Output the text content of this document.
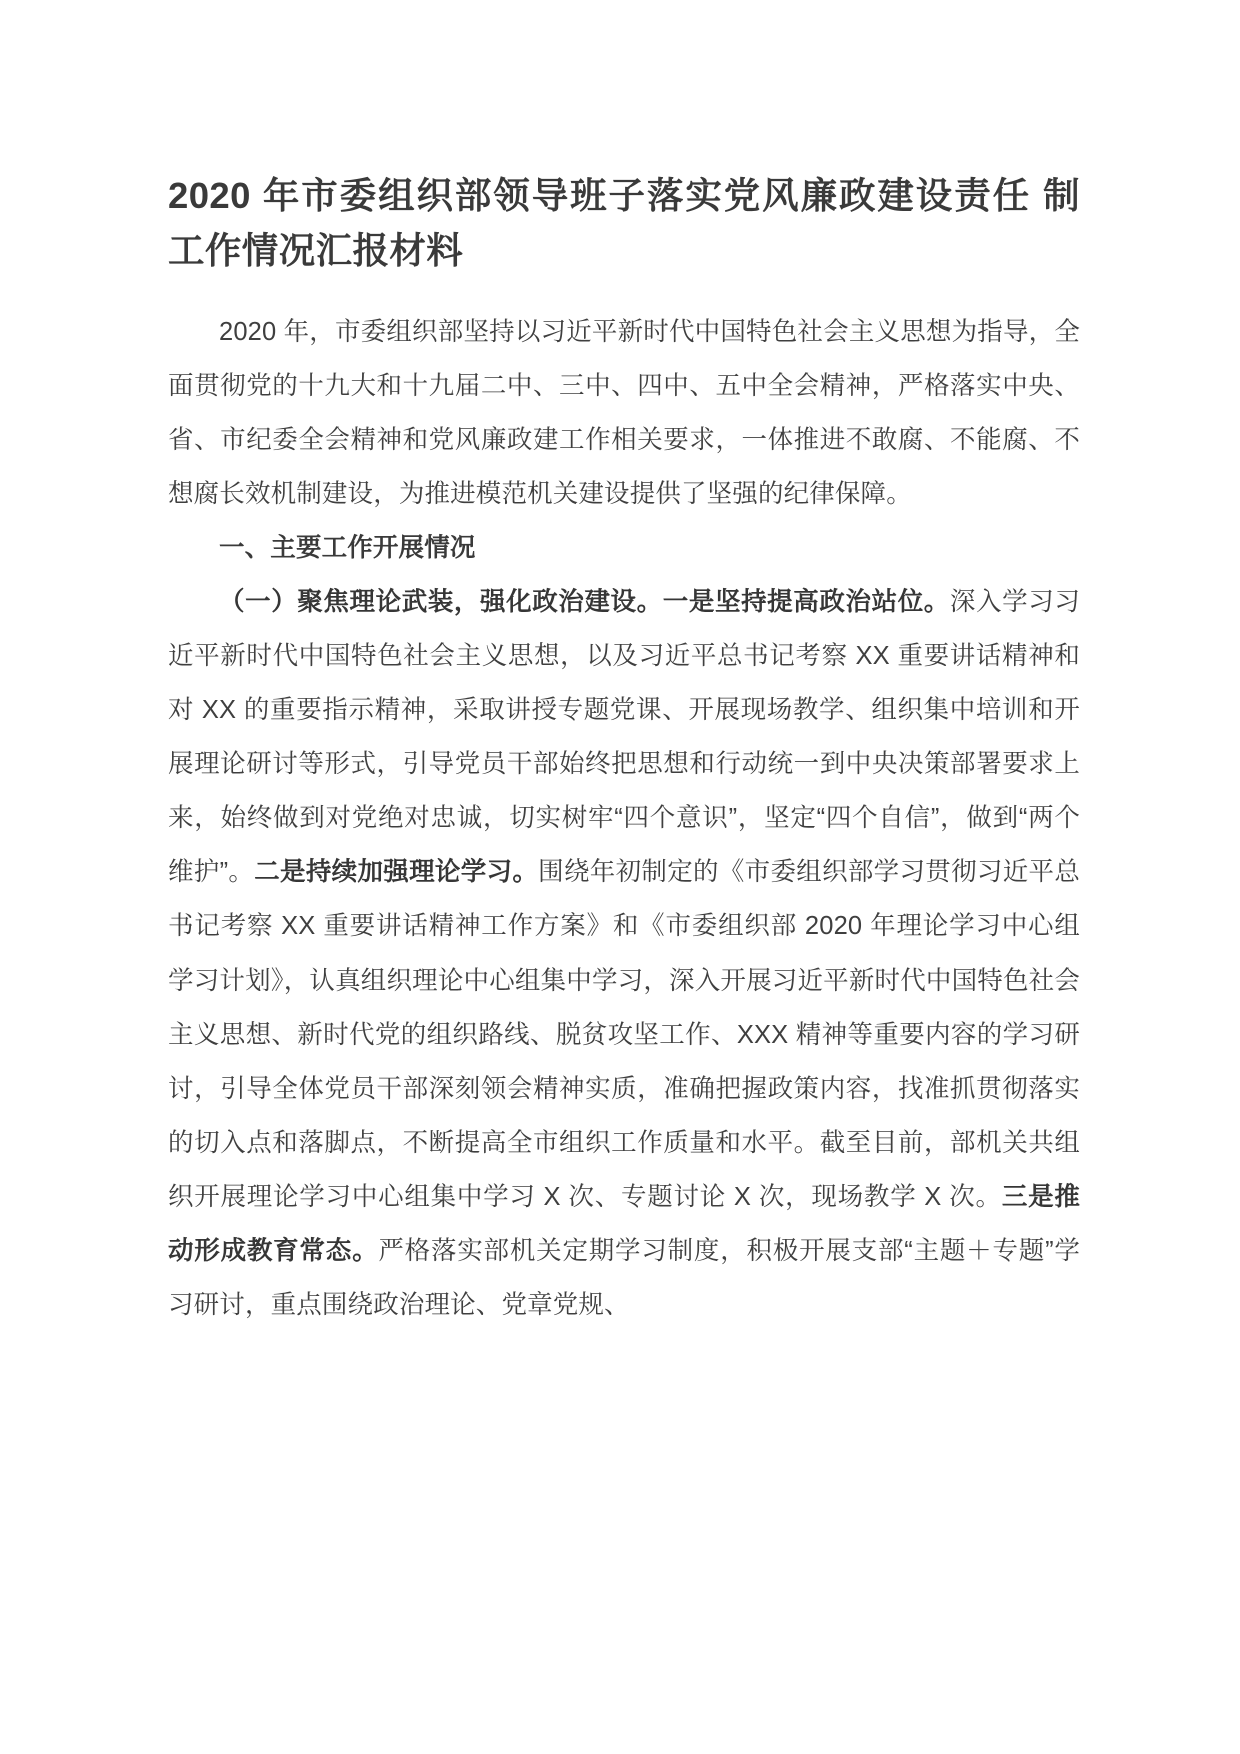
2020 年市委组织部领导班子落实党风廉政建设责任 制工作情况汇报材料

2020 年，市委组织部坚持以习近平新时代中国特色社会主义思想为指导，全面贯彻党的十九大和十九届二中、三中、四中、五中全会精神，严格落实中央、省、市纪委全会精神和党风廉政建工作相关要求，一体推进不敢腐、不能腐、不想腐长效机制建设，为推进模范机关建设提供了坚强的纪律保障。

一、主要工作开展情况

（一）聚焦理论武装，强化政治建设。一是坚持提高政治站位。深入学习习近平新时代中国特色社会主义思想，以及习近平总书记考察 XX 重要讲话精神和对 XX 的重要指示精神，采取讲授专题党课、开展现场教学、组织集中培训和开展理论研讨等形式，引导党员干部始终把思想和行动统一到中央决策部署要求上来，始终做到对党绝对忠诚，切实树牢“四个意识”，坚定“四个自信”，做到“两个维护”。二是持续加强理论学习。围绕年初制定的《市委组织部学习贯彻习近平总书记考察 XX 重要讲话精神工作方案》和《市委组织部 2020 年理论学习中心组学习计划》，认真组织理论中心组集中学习，深入开展习近平新时代中国特色社会主义思想、新时代党的组织路线、脱贫攻坚工作、XXX 精神等重要内容的学习研讨，引导全体党员干部深刻领会精神实质，准确把握政策内容，找准抓贯彻落实的切入点和落脚点，不断提高全市组织工作质量和水平。截至目前，部机关共组织开展理论学习中心组集中学习 X 次、专题讨论 X 次，现场教学 X 次。三是推动形成教育常态。严格落实部机关定期学习制度，积极开展支部“主题＋专题”学习研讨，重点围绕政治理论、党章党规、
